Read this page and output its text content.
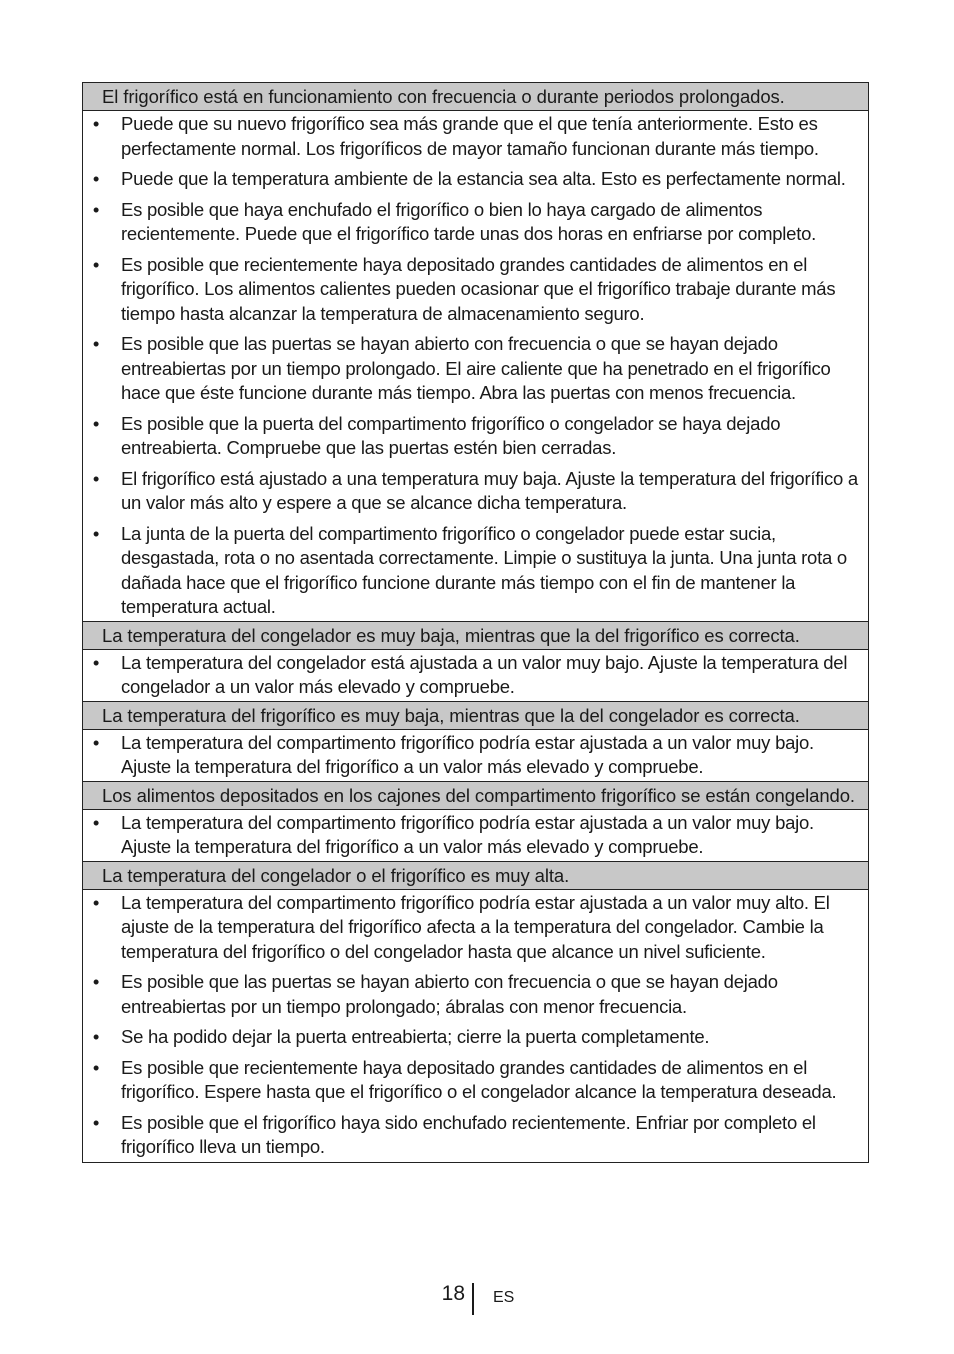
El frigorífico está en funcionamiento con frecuencia o durante periodos prolongados.
• Puede que su nuevo frigorífico sea más grande que el que tenía anteriormente. Esto es perfectamente normal. Los frigoríficos de mayor tamaño funcionan durante más tiempo.
• Puede que la temperatura ambiente de la estancia sea alta. Esto es perfectamente normal.
• Es posible que haya enchufado el frigorífico o bien lo haya cargado de alimentos recientemente. Puede que el frigorífico tarde unas dos horas en enfriarse por completo.
• Es posible que recientemente haya depositado grandes cantidades de alimentos en el frigorífico. Los alimentos calientes pueden ocasionar que el frigorífico trabaje durante más tiempo hasta alcanzar la temperatura de almacenamiento seguro.
• Es posible que las puertas se hayan abierto con frecuencia o que se hayan dejado entreabiertas por un tiempo prolongado. El aire caliente que ha penetrado en el frigorífico hace que éste funcione durante más tiempo. Abra las puertas con menos frecuencia.
• Es posible que la puerta del compartimento frigorífico o congelador se haya dejado entreabierta. Compruebe que las puertas estén bien cerradas.
• El frigorífico está ajustado a una temperatura muy baja. Ajuste la temperatura del frigorífico a un valor más alto y espere a que se alcance dicha temperatura.
• La junta de la puerta del compartimento frigorífico o congelador puede estar sucia, desgastada, rota o no asentada correctamente. Limpie o sustituya la junta. Una junta rota o dañada hace que el frigorífico funcione durante más tiempo con el fin de mantener la temperatura actual.
La temperatura del congelador es muy baja, mientras que la del frigorífico es correcta.
• La temperatura del congelador está ajustada a un valor muy bajo. Ajuste la temperatura del congelador a un valor más elevado y compruebe.
La temperatura del frigorífico es muy baja, mientras que la del congelador es correcta.
• La temperatura del compartimento frigorífico podría estar ajustada a un valor muy bajo. Ajuste la temperatura del frigorífico a un valor más elevado y compruebe.
Los alimentos depositados en los cajones del compartimento frigorífico se están congelando.
• La temperatura del compartimento frigorífico podría estar ajustada a un valor muy bajo. Ajuste la temperatura del frigorífico a un valor más elevado y compruebe.
La temperatura del congelador o el frigorífico es muy alta.
• La temperatura del compartimento frigorífico podría estar ajustada a un valor muy alto. El ajuste de la temperatura del frigorífico afecta a la temperatura del congelador. Cambie la temperatura del frigorífico o del congelador hasta que alcance un nivel suficiente.
• Es posible que las puertas se hayan abierto con frecuencia o que se hayan dejado entreabiertas por un tiempo prolongado; ábralas con menor frecuencia.
• Se ha podido dejar la puerta entreabierta; cierre la puerta completamente.
• Es posible que recientemente haya depositado grandes cantidades de alimentos en el frigorífico. Espere hasta que el frigorífico o el congelador alcance la temperatura deseada.
• Es posible que el frigorífico haya sido enchufado recientemente. Enfriar por completo el frigorífico lleva un tiempo.
18 ES
